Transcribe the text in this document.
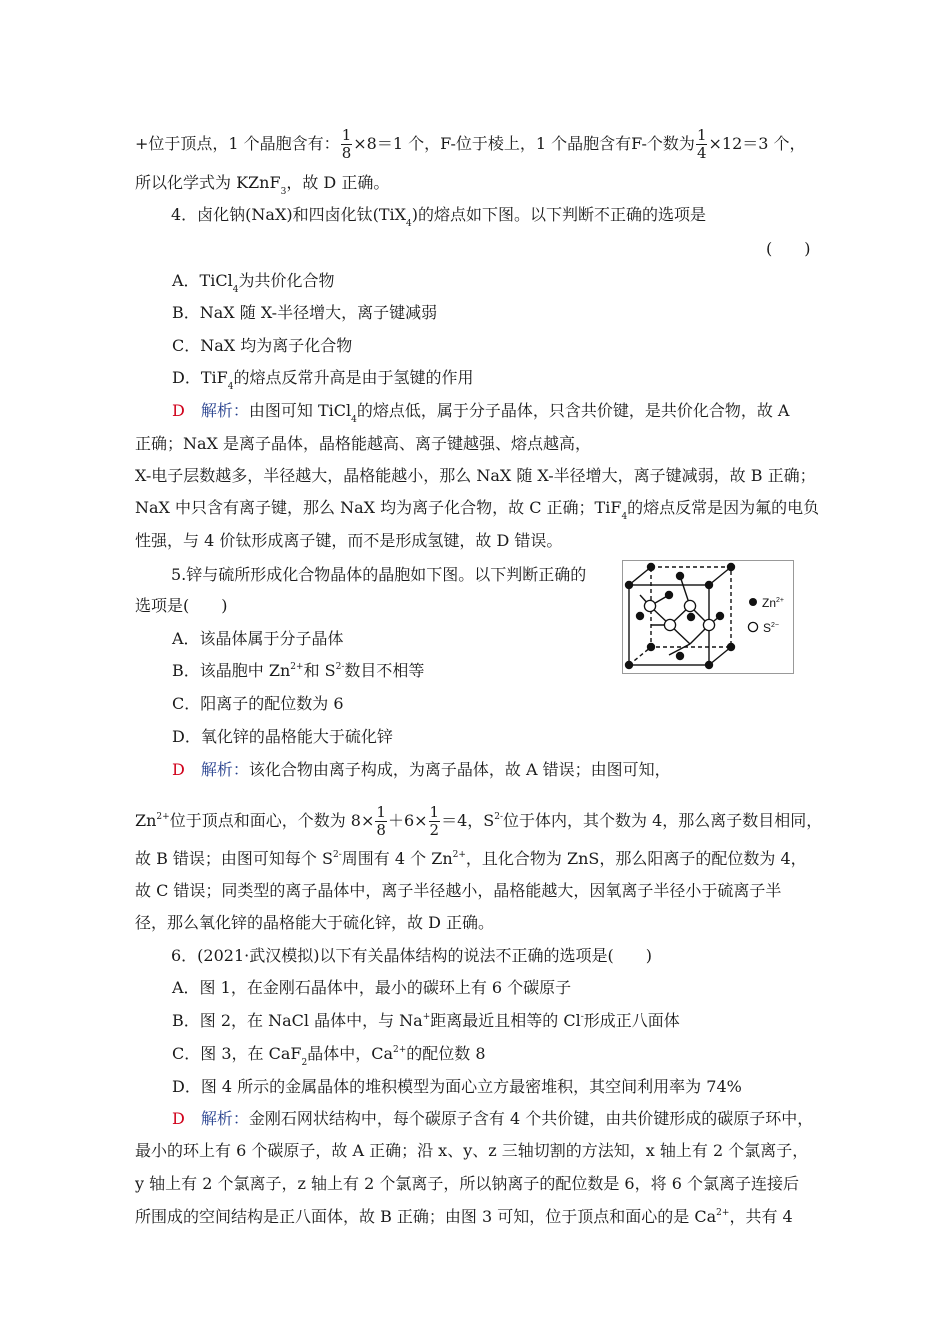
+位于顶点，1 个晶胞含有： $\frac{1}{8} \times 8=1$ 个，F-位于棱上，1 个晶胞含有F-个数为 $\frac{1}{4} \times 12=3$ 个，
所以化学式为 KZnF$_3$，故 D 正确。
4．卤化钠(NaX)和四卤化钛(TiX$_4$)的熔点如下图。以下判断不正确的选项是
(　　)
A．TiCl$_4$为共价化合物
B．NaX 随 X-半径增大，离子键减弱
C．NaX 均为离子化合物
D．TiF$_4$的熔点反常升高是由于氢键的作用
D　 解析：由图可知 TiCl$_4$的熔点低，属于分子晶体，只含共价键，是共价化合物，故 A
正确；NaX 是离子晶体，晶格能越高、离子键越强、熔点越高，
X-电子层数越多，半径越大，晶格能越小，那么 NaX 随 X-半径增大，离子键减弱，故 B 正确；
NaX 中只含有离子键，那么 NaX 均为离子化合物，故 C 正确；TiF$_4$的熔点反常是因为氟的电负
性强，与 4 价钛形成离子键，而不是形成氢键，故 D 错误。
5.锌与硫所形成化合物晶体的晶胞如下图。以下判断正确的
选项是(　　)
A．该晶体属于分子晶体
B．该晶胞中 $Zn^{2+}$和 $S^{2-}$数目不相等
C．阳离子的配位数为 6
D．氧化锌的晶格能大于硫化锌
$Zn^{2+}$
$S^{2-}$
D　 解析：该化合物由离子构成，为离子晶体，故 A 错误；由图可知，
$Zn^{2+}$位于顶点和面心，个数为 $8\times \frac{1}{8} +6\times \frac{1}{2} =4$，$S^{2-}$位于体内，其个数为 4，那么离子数目相同，
故 B 错误；由图可知每个 $S^{2-}$周围有 4 个 $Zn^{2+}$，且化合物为 ZnS，那么阳离子的配位数为 4，
故 C 错误；同类型的离子晶体中，离子半径越小，晶格能越大，因氧离子半径小于硫离子半
径，那么氧化锌的晶格能大于硫化锌，故 D 正确。
6．(2021·武汉模拟)以下有关晶体结构的说法不正确的选项是(　　)
A．图 1，在金刚石晶体中，最小的碳环上有 6 个碳原子
B．图 2，在 NaCl 晶体中，与 Na+距离最近且相等的 Cl-形成正八面体
C．图 3，在 CaF$_2$晶体中，$Ca^{2+}$的配位数 8
D．图 4 所示的金属晶体的堆积模型为面心立方最密堆积，其空间利用率为 74%
D　 解析：金刚石网状结构中，每个碳原子含有 4 个共价键，由共价键形成的碳原子环中，
最小的环上有 6 个碳原子，故 A 正确；沿 x、y、z 三轴切割的方法知，x 轴上有 2 个氯离子，
y 轴上有 2 个氯离子，z 轴上有 2 个氯离子，所以钠离子的配位数是 6，将 6 个氯离子连接后
所围成的空间结构是正八面体，故 B 正确；由图 3 可知，位于顶点和面心的是 $Ca^{2+}$，共有 4
